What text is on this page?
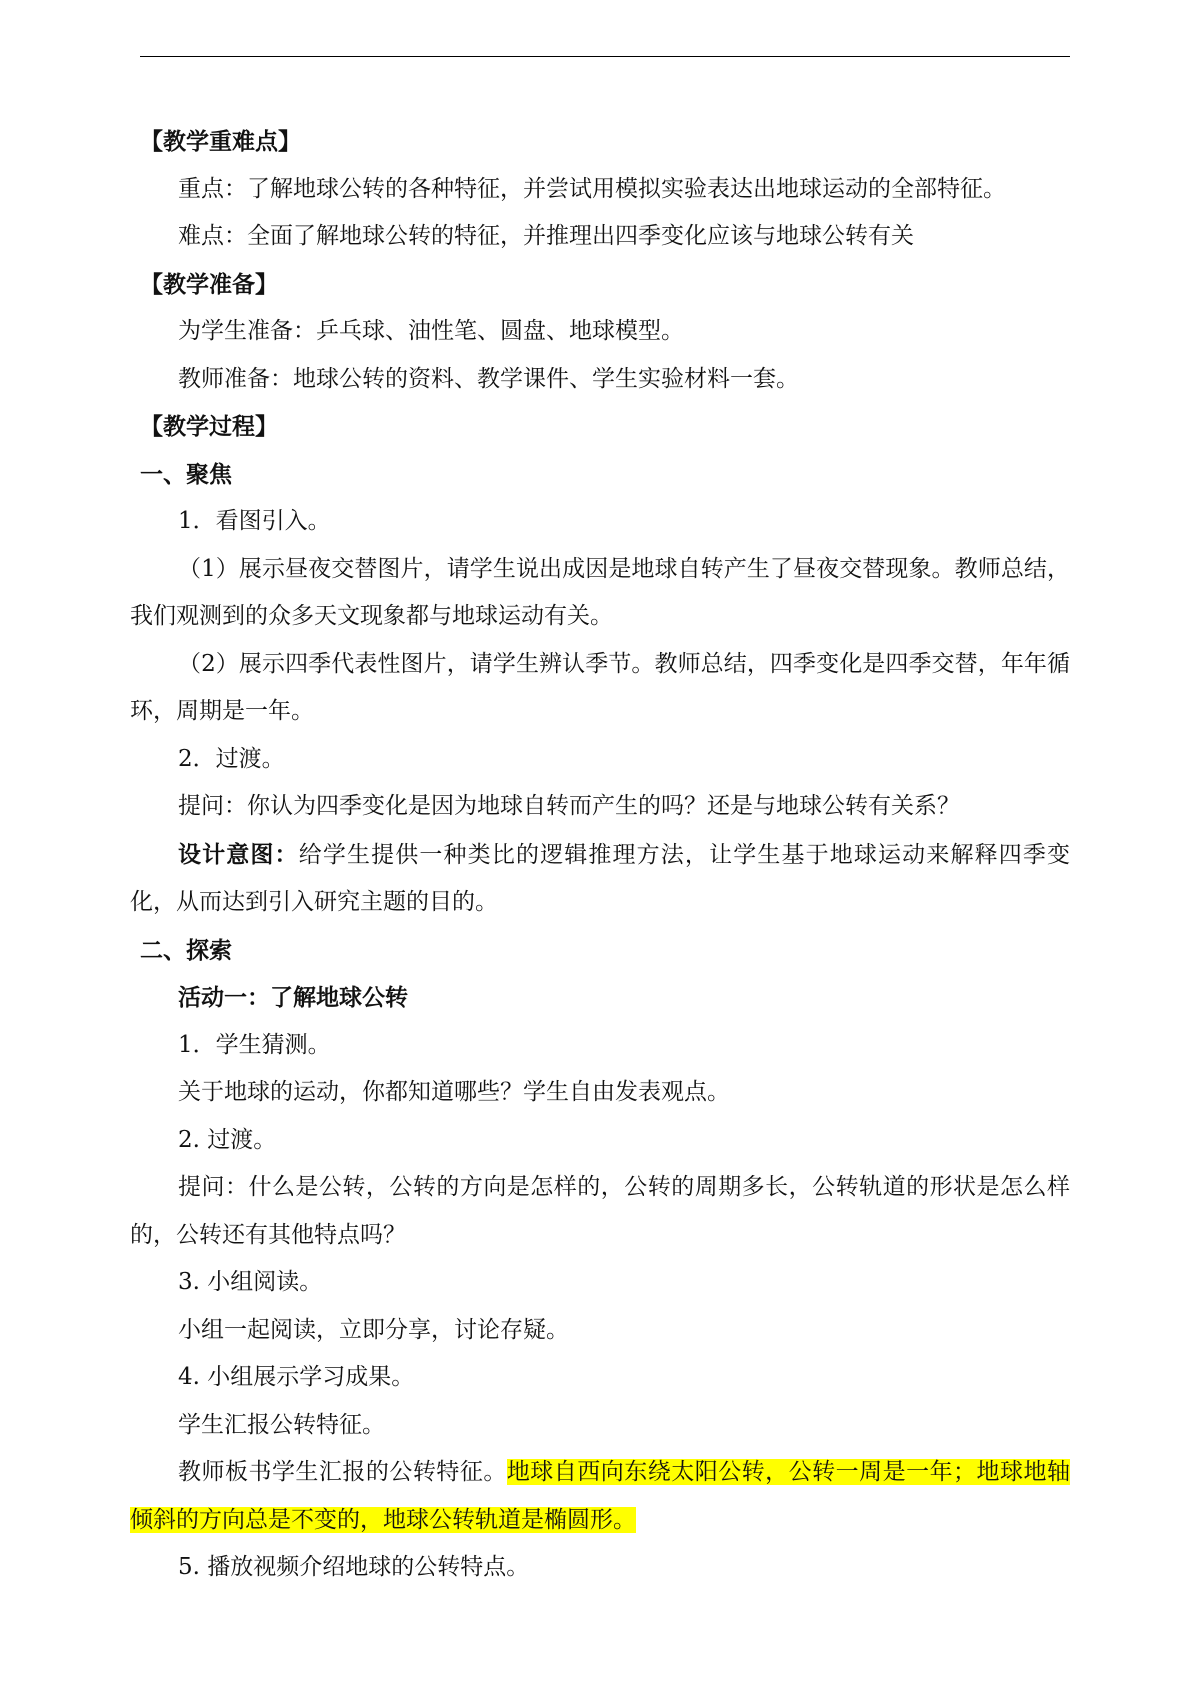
【教学重难点】

重点：了解地球公转的各种特征，并尝试用模拟实验表达出地球运动的全部特征。

难点：全面了解地球公转的特征，并推理出四季变化应该与地球公转有关

【教学准备】

为学生准备：乒乓球、油性笔、圆盘、地球模型。

教师准备：地球公转的资料、教学课件、学生实验材料一套。

【教学过程】

一、聚焦

1．看图引入。

（1）展示昼夜交替图片，请学生说出成因是地球自转产生了昼夜交替现象。教师总结，我们观测到的众多天文现象都与地球运动有关。

（2）展示四季代表性图片，请学生辨认季节。教师总结，四季变化是四季交替，年年循环，周期是一年。

2．过渡。

提问：你认为四季变化是因为地球自转而产生的吗？还是与地球公转有关系？

设计意图：给学生提供一种类比的逻辑推理方法，让学生基于地球运动来解释四季变化，从而达到引入研究主题的目的。

二、探索

活动一：了解地球公转

1．学生猜测。

关于地球的运动，你都知道哪些？学生自由发表观点。

2. 过渡。

提问：什么是公转，公转的方向是怎样的，公转的周期多长，公转轨道的形状是怎么样的，公转还有其他特点吗？

3. 小组阅读。

小组一起阅读，立即分享，讨论存疑。

4. 小组展示学习成果。

学生汇报公转特征。

教师板书学生汇报的公转特征。地球自西向东绕太阳公转，公转一周是一年；地球地轴倾斜的方向总是不变的，地球公转轨道是椭圆形。

5. 播放视频介绍地球的公转特点。
